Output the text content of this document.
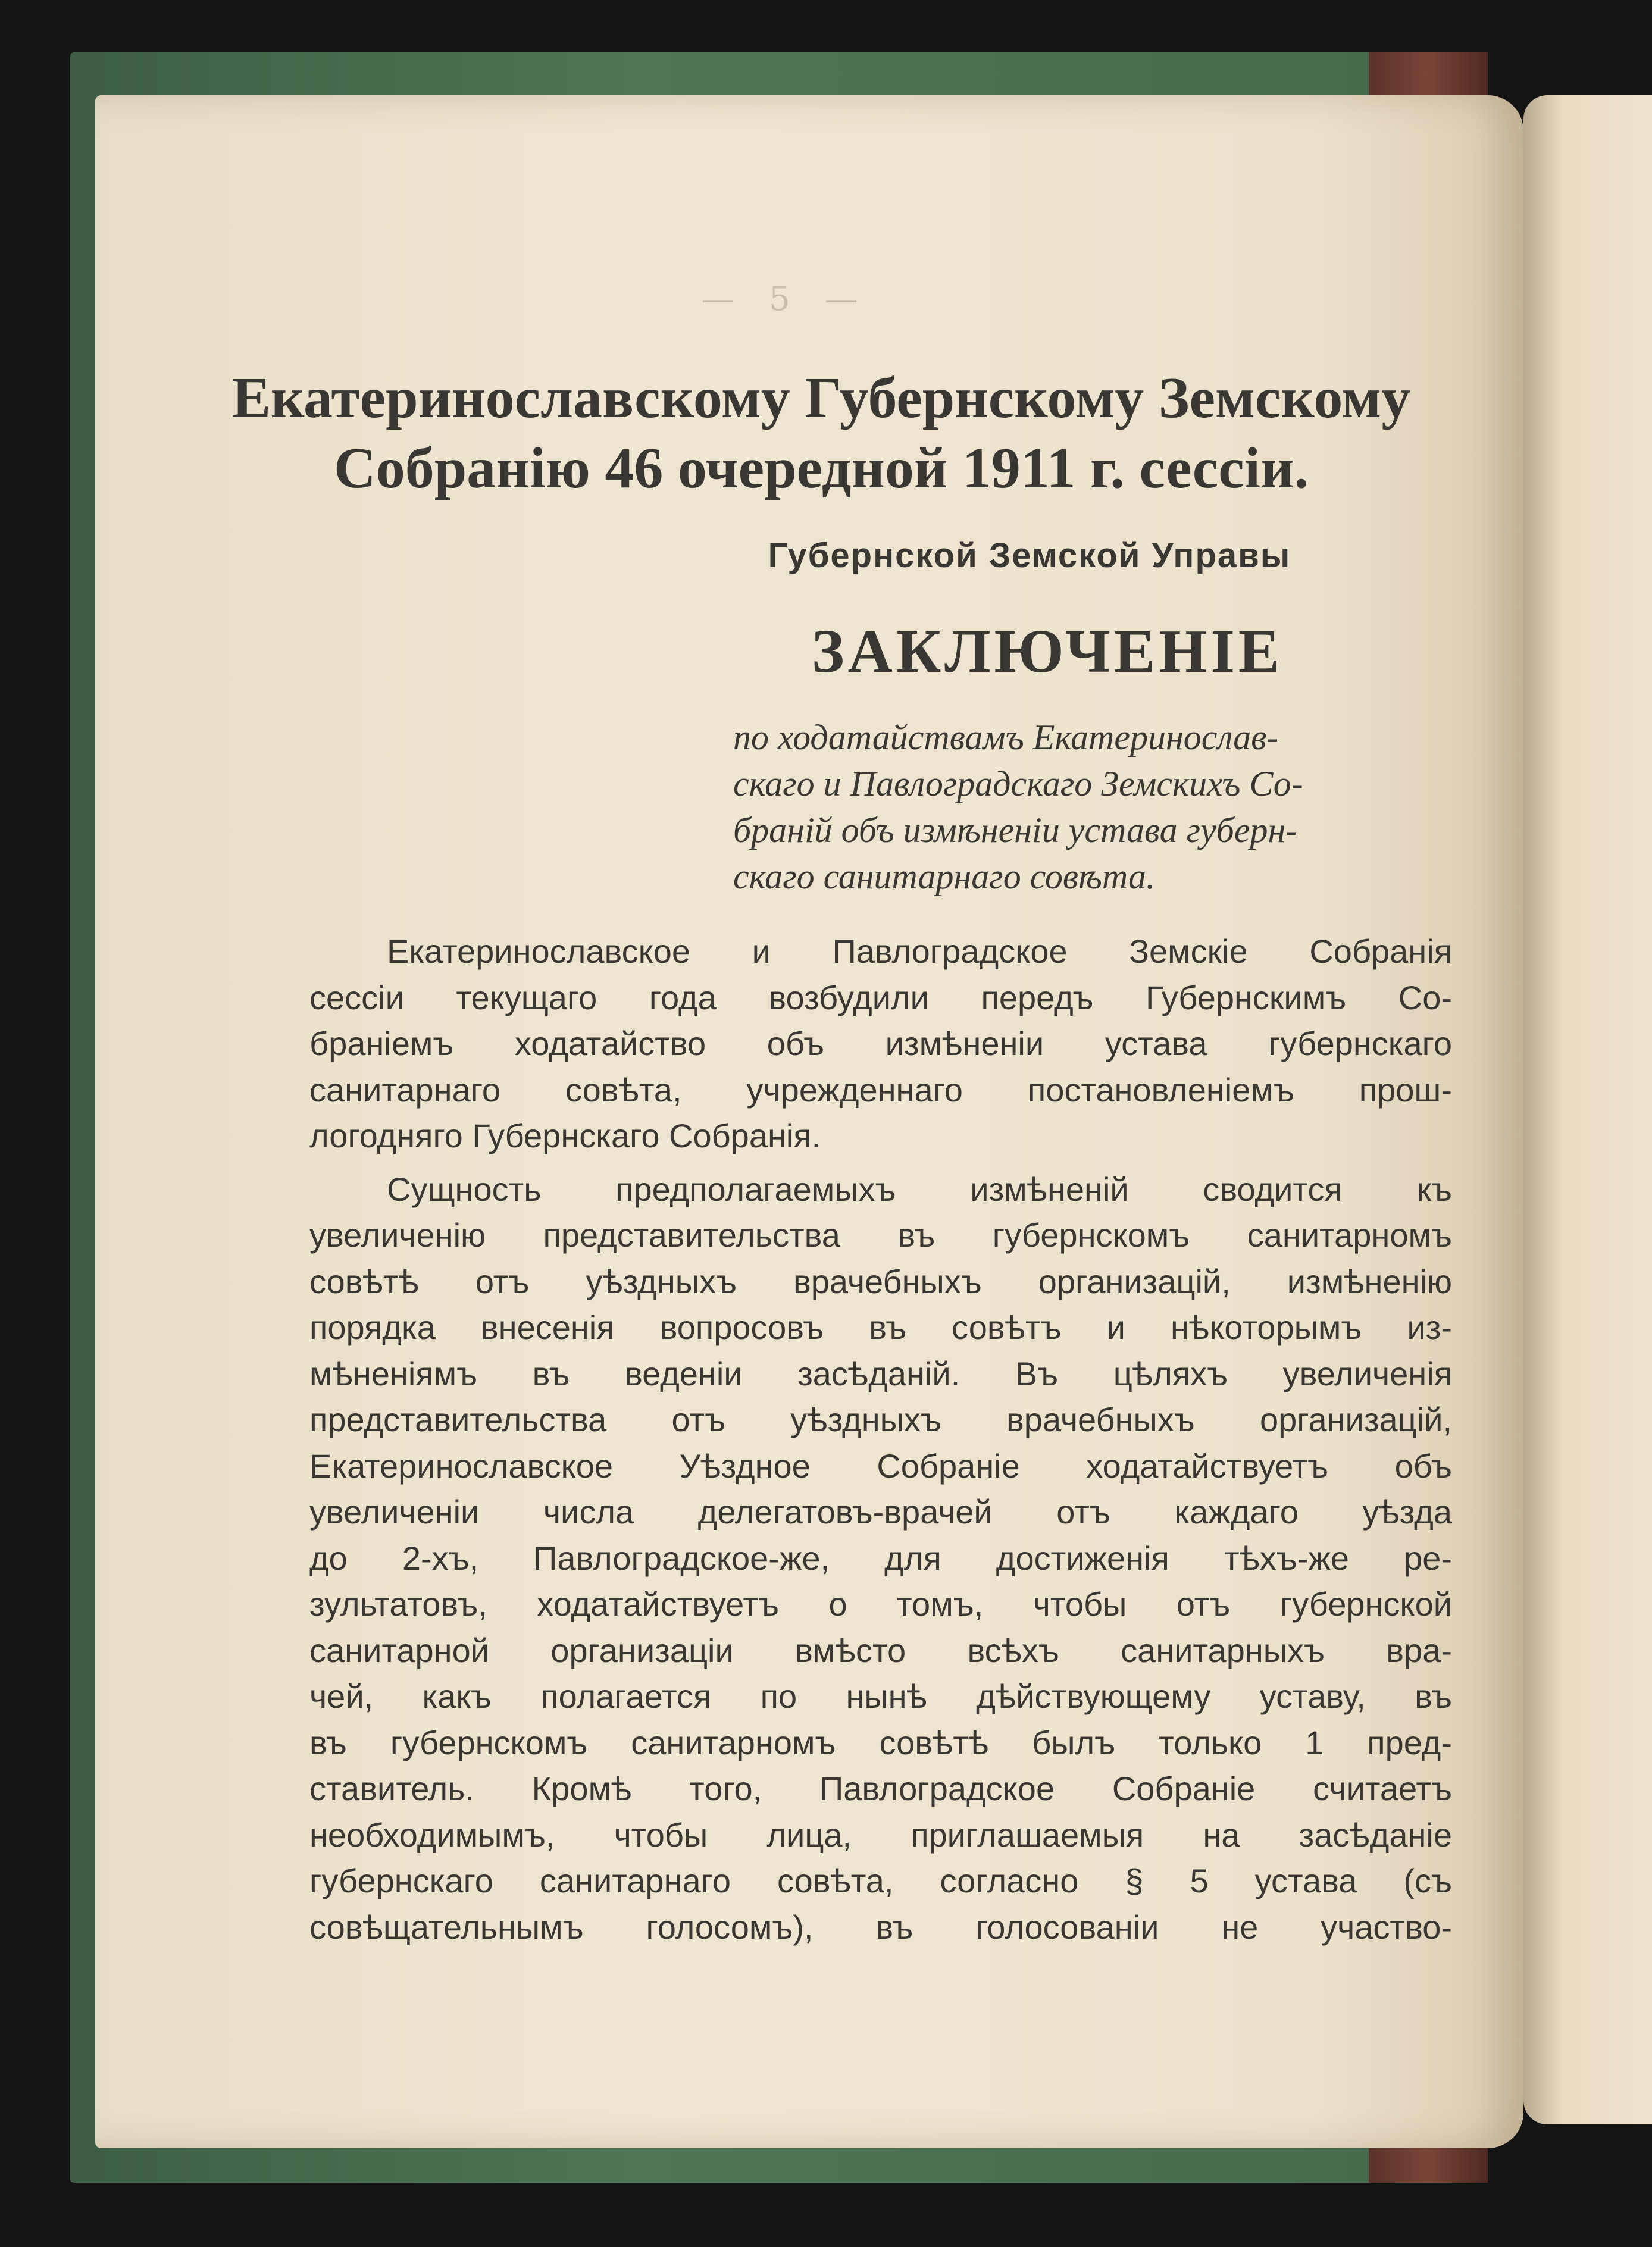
— 5 —
Екатеринославскому Губернскому Земскому
Собранію 46 очередной 1911 г. сессіи.
Губернской Земской Управы
ЗАКЛЮЧЕНІЕ
по ходатайствамъ Екатеринослав-
скаго и Павлоградскаго Земскихъ Со-
браній объ измѣненіи устава губерн-
скаго санитарнаго совѣта.
Екатеринославское и Павлоградское Земскіе Собранія
сессіи текущаго года возбудили передъ Губернскимъ Со-
браніемъ ходатайство объ измѣненіи устава губернскаго
санитарнаго совѣта, учрежденнаго постановленіемъ прош-
логодняго Губернскаго Собранія.
Сущность предполагаемыхъ измѣненій сводится къ
увеличенію представительства въ губернскомъ санитарномъ
совѣтѣ отъ уѣздныхъ врачебныхъ организацій, измѣненію
порядка внесенія вопросовъ въ совѣтъ и нѣкоторымъ из-
мѣненіямъ въ веденіи засѣданій. Въ цѣляхъ увеличенія
представительства отъ уѣздныхъ врачебныхъ организацій,
Екатеринославское Уѣздное Собраніе ходатайствуетъ объ
увеличеніи числа делегатовъ-врачей отъ каждаго уѣзда
до 2-хъ, Павлоградское-же, для достиженія тѣхъ-же ре-
зультатовъ, ходатайствуетъ о томъ, чтобы отъ губернской
санитарной организаціи вмѣсто всѣхъ санитарныхъ вра-
чей, какъ полагается по нынѣ дѣйствующему уставу, въ
въ губернскомъ санитарномъ совѣтѣ былъ только 1 пред-
ставитель. Кромѣ того, Павлоградское Собраніе считаетъ
необходимымъ, чтобы лица, приглашаемыя на засѣданіе
губернскаго санитарнаго совѣта, согласно § 5 устава (съ
совѣщательнымъ голосомъ), въ голосованіи не участво-
